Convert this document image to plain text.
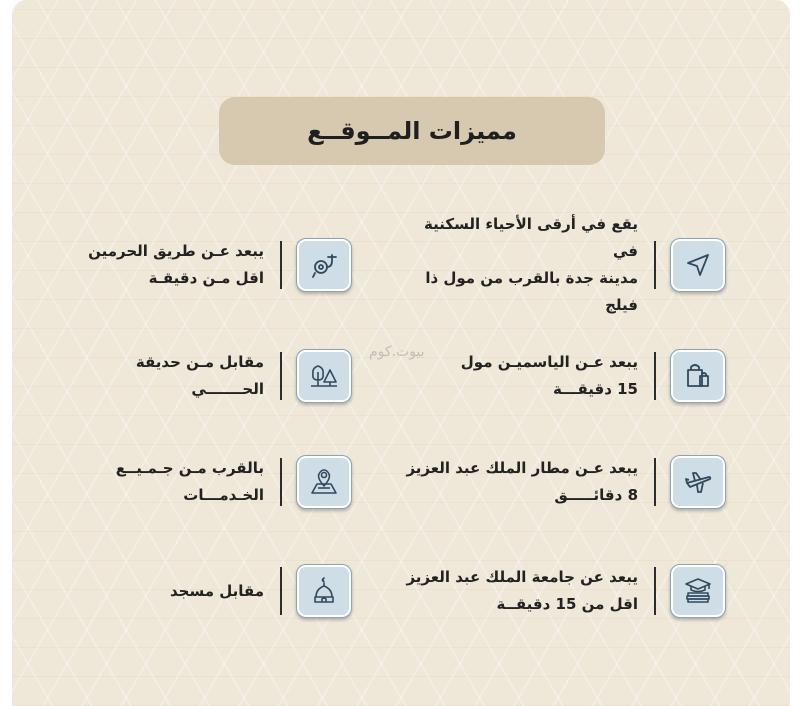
مميزات المــوقــع
بيوت.كوم
يقع في أرقى الأحياء السكنية في
مدينة جدة بالقرب من مول ذا فيلج
يبعد عـن طريق الحرمين
اقل مـن دقيقـة
يبعد عـن الياسميـن مول
15 دقيقـــة
مقابل مـن حديقة
الحـــــــي
يبعد عـن مطار الملك عبد العزيز
8 دقائـــــق
بالقرب مـن جـمـيــع
الخـدمـــات
يبعد عن جامعة الملك عبد العزيز
اقل من 15 دقيقــة
مقابل مسجد
